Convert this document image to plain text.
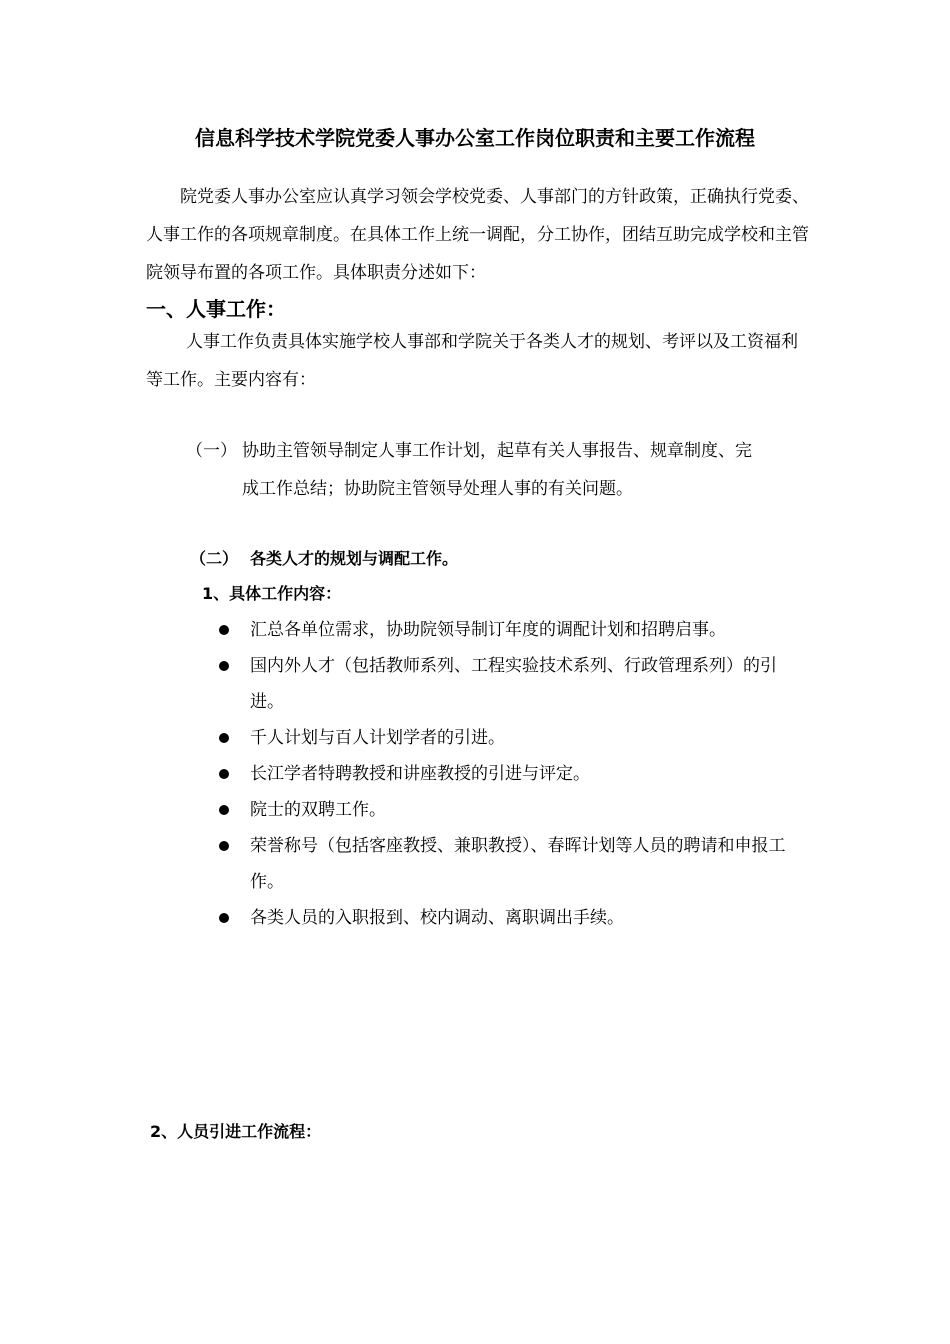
信息科学技术学院党委人事办公室工作岗位职责和主要工作流程
院党委人事办公室应认真学习领会学校党委、人事部门的方针政策，正确执行党委、人事工作的各项规章制度。在具体工作上统一调配，分工协作，团结互助完成学校和主管院领导布置的各项工作。具体职责分述如下：
一、人事工作：
人事工作负责具体实施学校人事部和学院关于各类人才的规划、考评以及工资福利等工作。主要内容有：
（一） 协助主管领导制定人事工作计划，起草有关人事报告、规章制度、完
成工作总结；协助院主管领导处理人事的有关问题。
（二） 各类人才的规划与调配工作。
1、具体工作内容：
汇总各单位需求，协助院领导制订年度的调配计划和招聘启事。
国内外人才（包括教师系列、工程实验技术系列、行政管理系列）的引进。
千人计划与百人计划学者的引进。
长江学者特聘教授和讲座教授的引进与评定。
院士的双聘工作。
荣誉称号（包括客座教授、兼职教授）、春晖计划等人员的聘请和申报工作。
各类人员的入职报到、校内调动、离职调出手续。
2、人员引进工作流程：
